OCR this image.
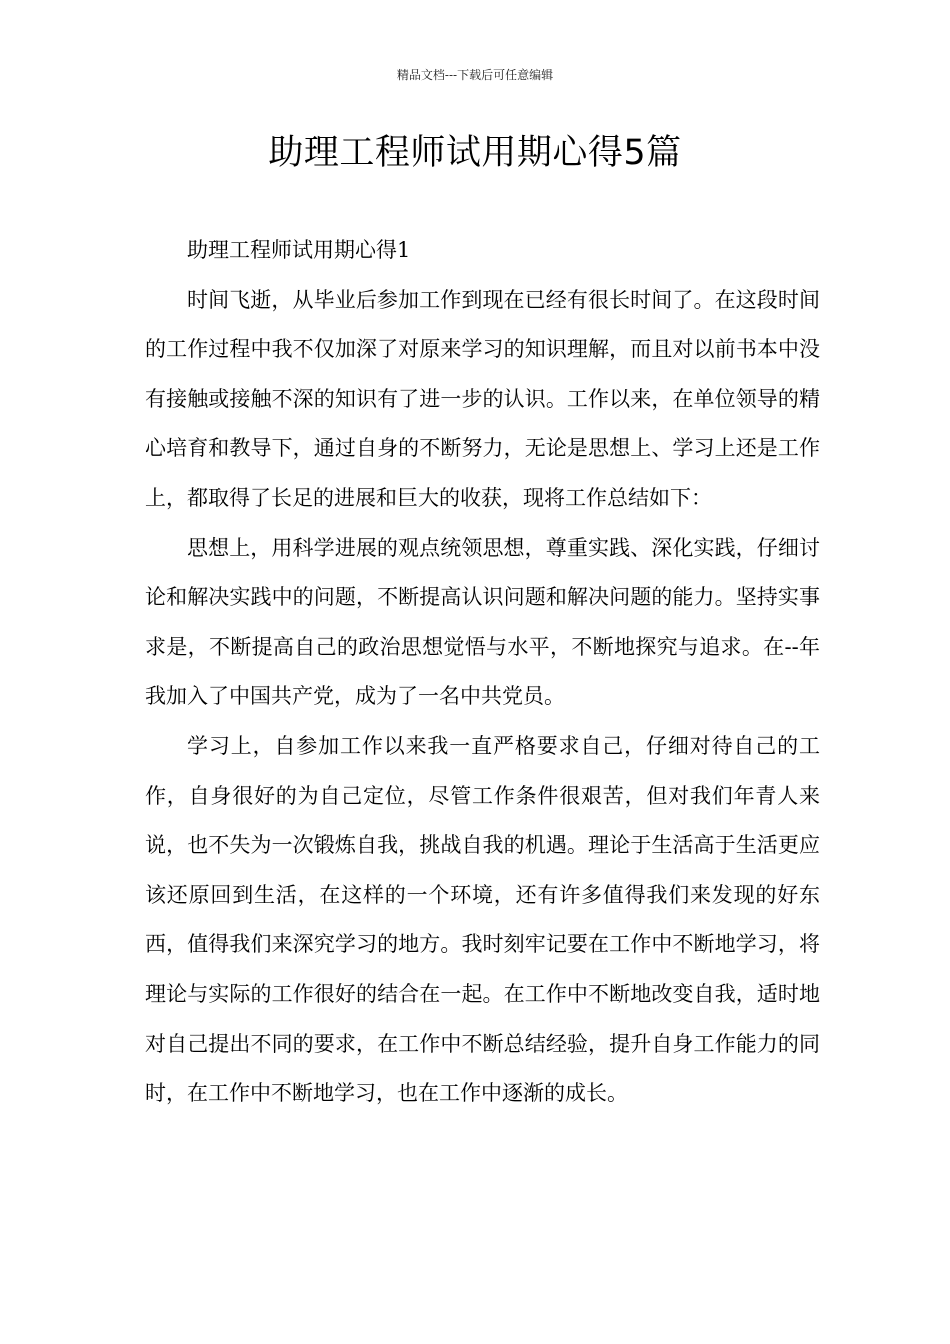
精品文档---下载后可任意编辑
助理工程师试用期心得5篇

助理工程师试用期心得1

时间飞逝，从毕业后参加工作到现在已经有很长时间了。在这段时间的工作过程中我不仅加深了对原来学习的知识理解，而且对以前书本中没有接触或接触不深的知识有了进一步的认识。工作以来，在单位领导的精心培育和教导下，通过自身的不断努力，无论是思想上、学习上还是工作上，都取得了长足的进展和巨大的收获，现将工作总结如下：

思想上，用科学进展的观点统领思想，尊重实践、深化实践，仔细讨论和解决实践中的问题，不断提高认识问题和解决问题的能力。坚持实事求是，不断提高自己的政治思想觉悟与水平，不断地探究与追求。在--年我加入了中国共产党，成为了一名中共党员。

学习上，自参加工作以来我一直严格要求自己，仔细对待自己的工作，自身很好的为自己定位，尽管工作条件很艰苦，但对我们年青人来说，也不失为一次锻炼自我，挑战自我的机遇。理论于生活高于生活更应该还原回到生活，在这样的一个环境，还有许多值得我们来发现的好东西，值得我们来深究学习的地方。我时刻牢记要在工作中不断地学习，将理论与实际的工作很好的结合在一起。在工作中不断地改变自我，适时地对自己提出不同的要求，在工作中不断总结经验，提升自身工作能力的同时，在工作中不断地学习，也在工作中逐渐的成长。
